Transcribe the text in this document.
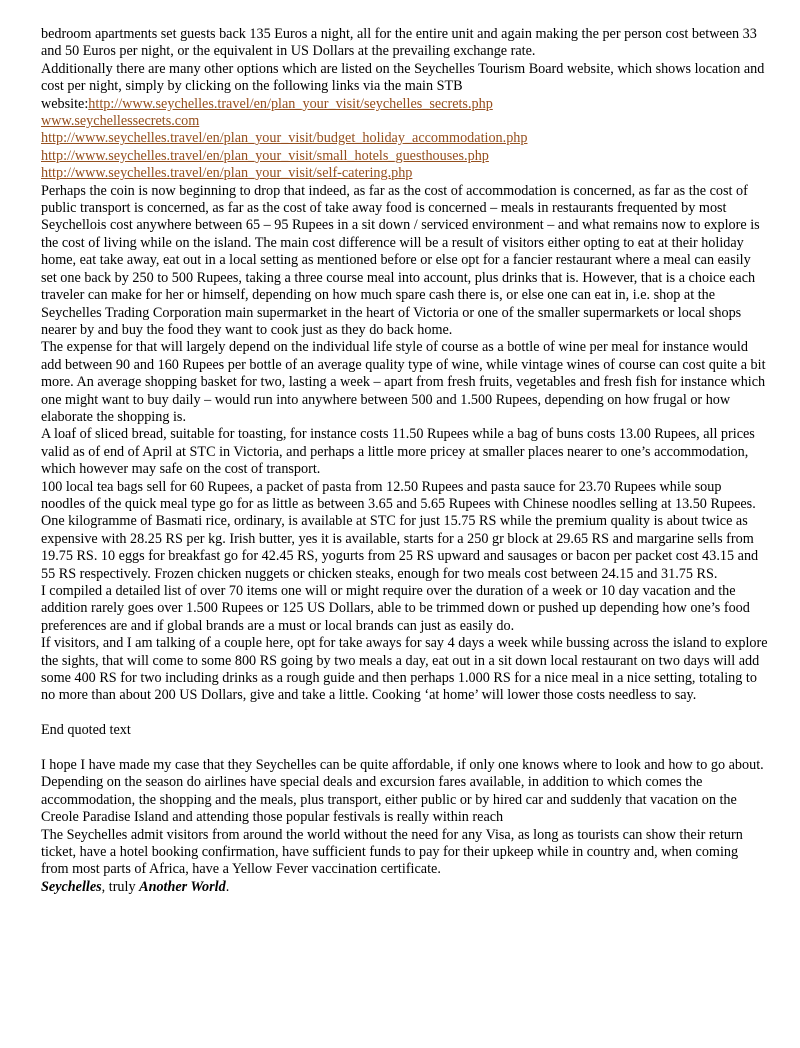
bedroom apartments set guests back 135 Euros a night, all for the entire unit and again making the per person cost between 33 and 50 Euros per night, or the equivalent in US Dollars at the prevailing exchange rate.

Additionally there are many other options which are listed on the Seychelles Tourism Board website, which shows location and cost per night, simply by clicking on the following links via the main STB
website:http://www.seychelles.travel/en/plan_your_visit/seychelles_secrets.php

www.seychellessecrets.com

http://www.seychelles.travel/en/plan_your_visit/budget_holiday_accommodation.php

http://www.seychelles.travel/en/plan_your_visit/small_hotels_guesthouses.php

http://www.seychelles.travel/en/plan_your_visit/self-catering.php

Perhaps the coin is now beginning to drop that indeed, as far as the cost of accommodation is concerned, as far as the cost of public transport is concerned, as far as the cost of take away food is concerned – meals in restaurants frequented by most Seychellois cost anywhere between 65 – 95 Rupees in a sit down / serviced environment – and what remains now to explore is the cost of living while on the island. The main cost difference will be a result of visitors either opting to eat at their holiday home, eat take away, eat out in a local setting as mentioned before or else opt for a fancier restaurant where a meal can easily set one back by 250 to 500 Rupees, taking a three course meal into account, plus drinks that is. However, that is a choice each traveler can make for her or himself, depending on how much spare cash there is, or else one can eat in, i.e. shop at the Seychelles Trading Corporation main supermarket in the heart of Victoria or one of the smaller supermarkets or local shops nearer by and buy the food they want to cook just as they do back home.

The expense for that will largely depend on the individual life style of course as a bottle of wine per meal for instance would add between 90 and 160 Rupees per bottle of an average quality type of wine, while vintage wines of course can cost quite a bit more. An average shopping basket for two, lasting a week – apart from fresh fruits, vegetables and fresh fish for instance which one might want to buy daily – would run into anywhere between 500 and 1.500 Rupees, depending on how frugal or how elaborate the shopping is.

A loaf of sliced bread, suitable for toasting, for instance costs 11.50 Rupees while a bag of buns costs 13.00 Rupees, all prices valid as of end of April at STC in Victoria, and perhaps a little more pricey at smaller places nearer to one’s accommodation, which however may safe on the cost of transport.

100 local tea bags sell for 60 Rupees, a packet of pasta from 12.50 Rupees and pasta sauce for 23.70 Rupees while soup noodles of the quick meal type go for as little as between 3.65 and 5.65 Rupees with Chinese noodles selling at 13.50 Rupees. One kilogramme of Basmati rice, ordinary, is available at STC for just 15.75 RS while the premium quality is about twice as expensive with 28.25 RS per kg. Irish butter, yes it is available, starts for a 250 gr block at 29.65 RS and margarine sells from 19.75 RS. 10 eggs for breakfast go for 42.45 RS, yogurts from 25 RS upward and sausages or bacon per packet cost 43.15 and 55 RS respectively. Frozen chicken nuggets or chicken steaks, enough for two meals cost between 24.15 and 31.75 RS.

I compiled a detailed list of over 70 items one will or might require over the duration of a week or 10 day vacation and the addition rarely goes over 1.500 Rupees or 125 US Dollars, able to be trimmed down or pushed up depending how one’s food preferences are and if global brands are a must or local brands can just as easily do.

If visitors, and I am talking of a couple here, opt for take aways for say 4 days a week while bussing across the island to explore the sights, that will come to some 800 RS going by two meals a day, eat out in a sit down local restaurant on two days will add some 400 RS for two including drinks as a rough guide and then perhaps 1.000 RS for a nice meal in a nice setting, totaling to no more than about 200 US Dollars, give and take a little. Cooking ‘at home’ will lower those costs needless to say.

End quoted text

I hope I have made my case that they Seychelles can be quite affordable, if only one knows where to look and how to go about. Depending on the season do airlines have special deals and excursion fares available, in addition to which comes the accommodation, the shopping and the meals, plus transport, either public or by hired car and suddenly that vacation on the Creole Paradise Island and attending those popular festivals is really within reach

The Seychelles admit visitors from around the world without the need for any Visa, as long as tourists can show their return ticket, have a hotel booking confirmation, have sufficient funds to pay for their upkeep while in country and, when coming from most parts of Africa, have a Yellow Fever vaccination certificate.

Seychelles, truly Another World.
